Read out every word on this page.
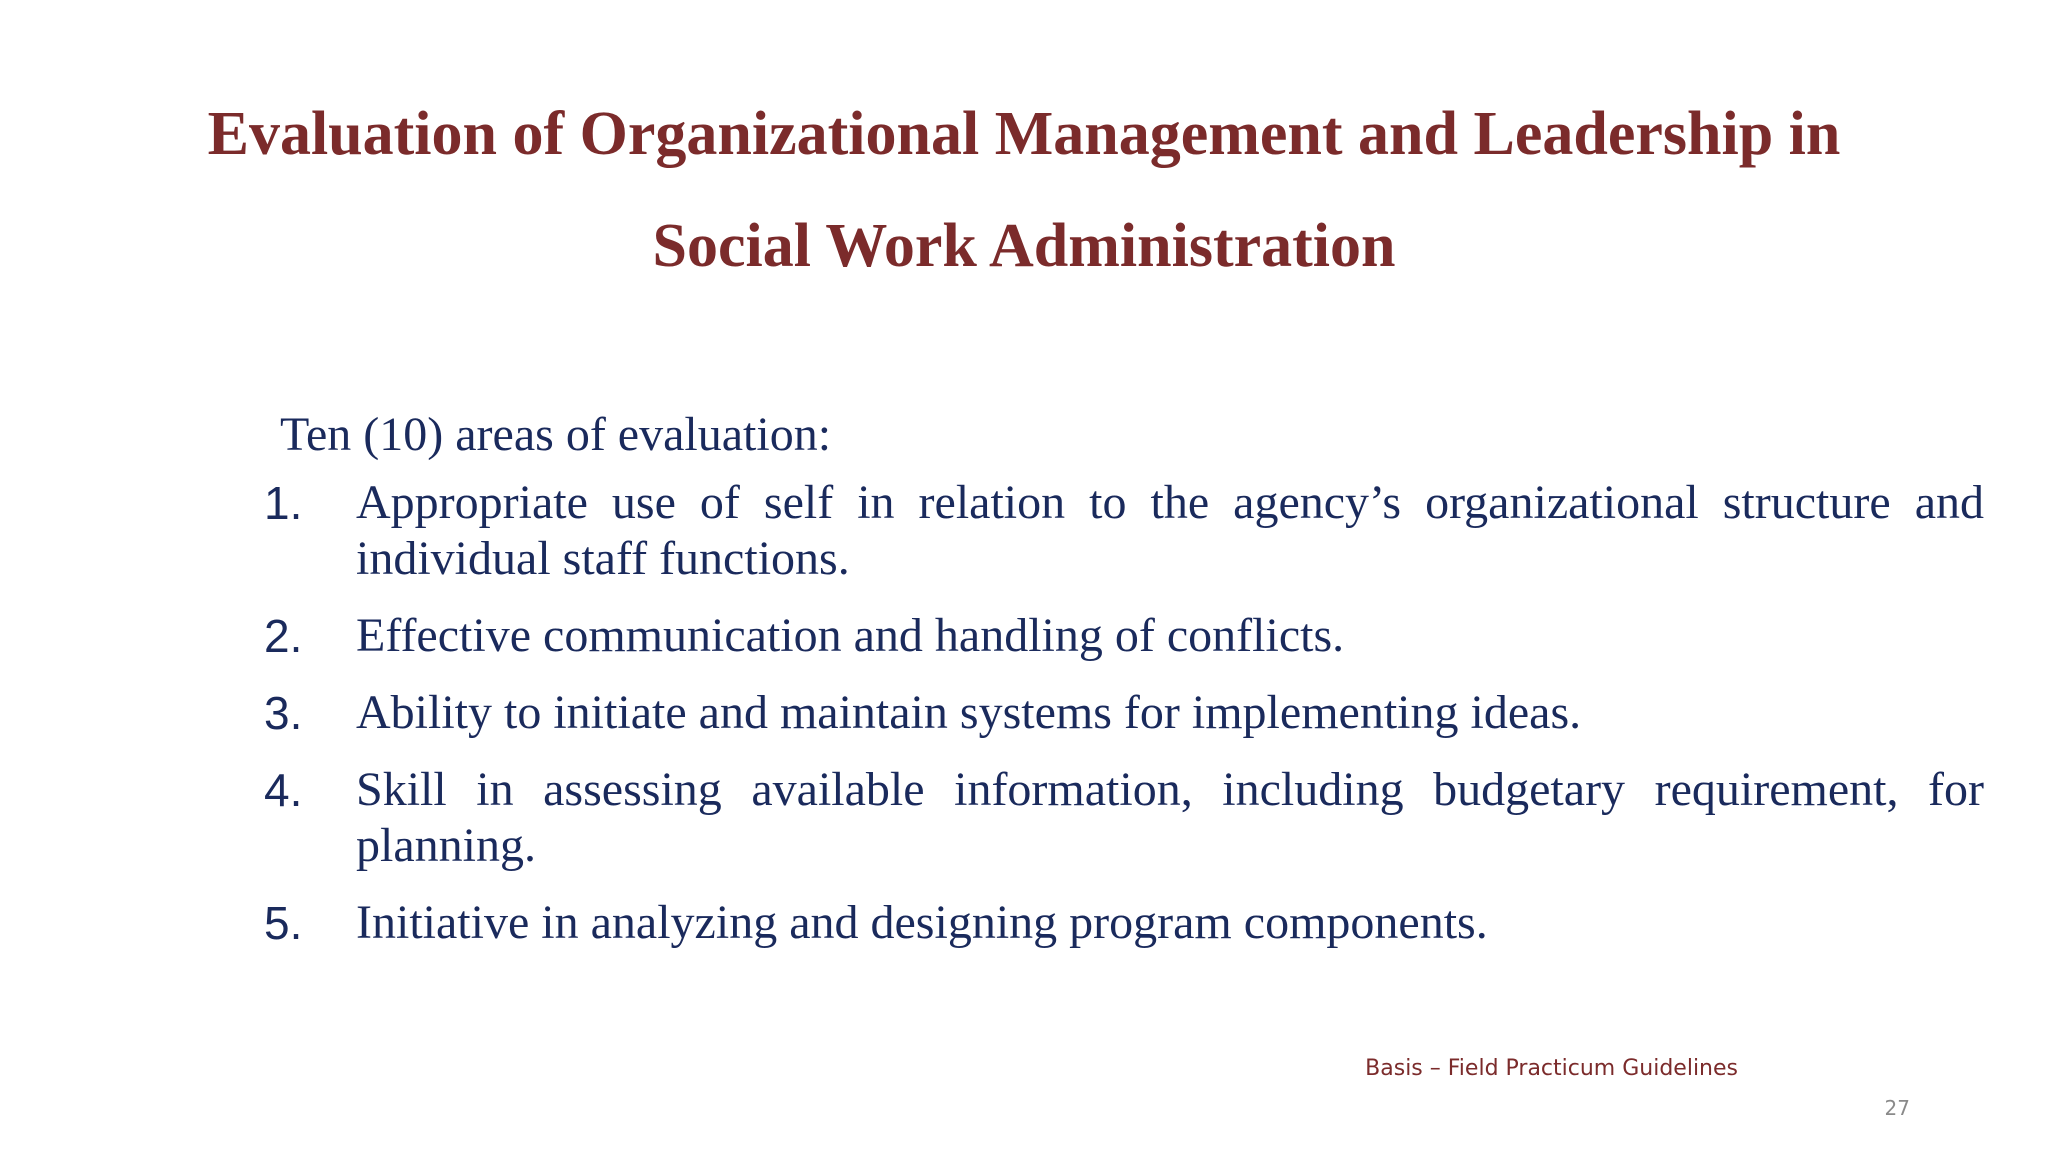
Evaluation of Organizational Management and Leadership in
Social Work Administration
Ten (10) areas of evaluation:
1. Appropriate use of self in relation to the agency’s organizational structure and individual staff functions.
2. Effective communication and handling of conflicts.
3. Ability to initiate and maintain systems for implementing ideas.
4. Skill in assessing available information, including budgetary requirement, for planning.
5. Initiative in analyzing and designing program components.
Basis – Field Practicum Guidelines
27
